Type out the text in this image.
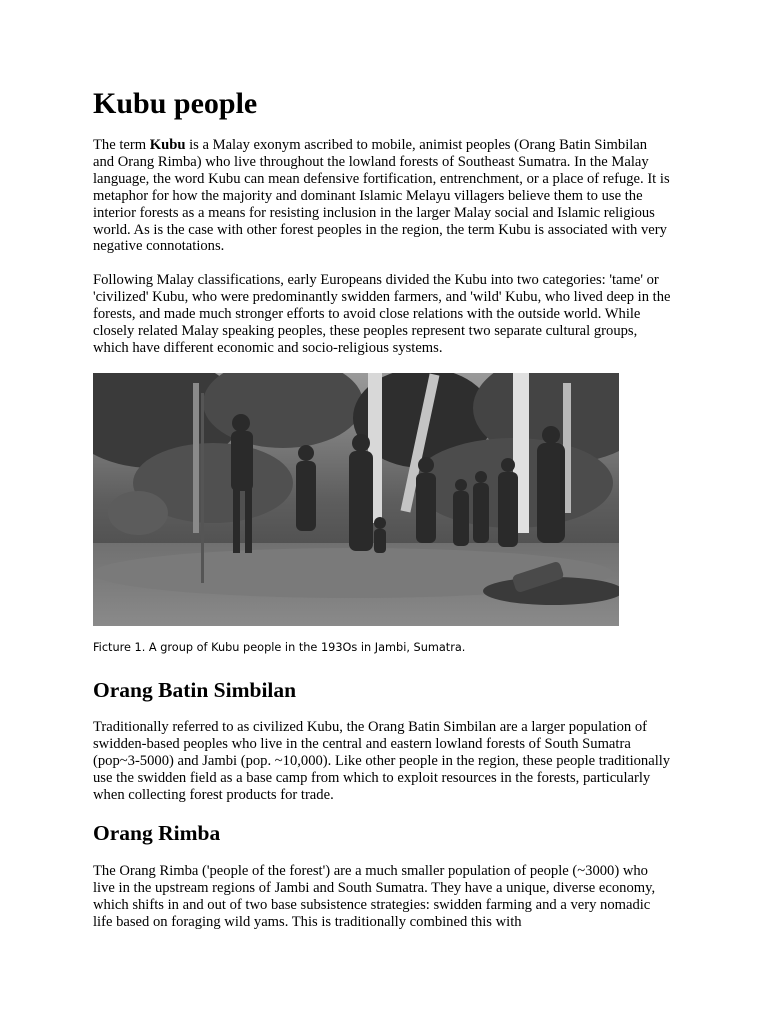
Kubu people

The term Kubu is a Malay exonym ascribed to mobile, animist peoples (Orang Batin Simbilan and Orang Rimba) who live throughout the lowland forests of Southeast Sumatra. In the Malay language, the word Kubu can mean defensive fortification, entrenchment, or a place of refuge. It is metaphor for how the majority and dominant Islamic Melayu villagers believe them to use the interior forests as a means for resisting inclusion in the larger Malay social and Islamic religious world. As is the case with other forest peoples in the region, the term Kubu is associated with very negative connotations.

Following Malay classifications, early Europeans divided the Kubu into two categories: 'tame' or 'civilized' Kubu, who were predominantly swidden farmers, and 'wild' Kubu, who lived deep in the forests, and made much stronger efforts to avoid close relations with the outside world. While closely related Malay speaking peoples, these peoples represent two separate cultural groups, which have different economic and socio-religious systems.

Ficture 1. A group of Kubu people in the 193Os in Jambi, Sumatra.

Orang Batin Simbilan

Traditionally referred to as civilized Kubu, the Orang Batin Simbilan are a larger population of swidden-based peoples who live in the central and eastern lowland forests of South Sumatra (pop~3-5000) and Jambi (pop. ~10,000). Like other people in the region, these people traditionally use the swidden field as a base camp from which to exploit resources in the forests, particularly when collecting forest products for trade.

Orang Rimba

The Orang Rimba ('people of the forest') are a much smaller population of people (~3000) who live in the upstream regions of Jambi and South Sumatra. They have a unique, diverse economy, which shifts in and out of two base subsistence strategies: swidden farming and a very nomadic life based on foraging wild yams. This is traditionally combined this with
